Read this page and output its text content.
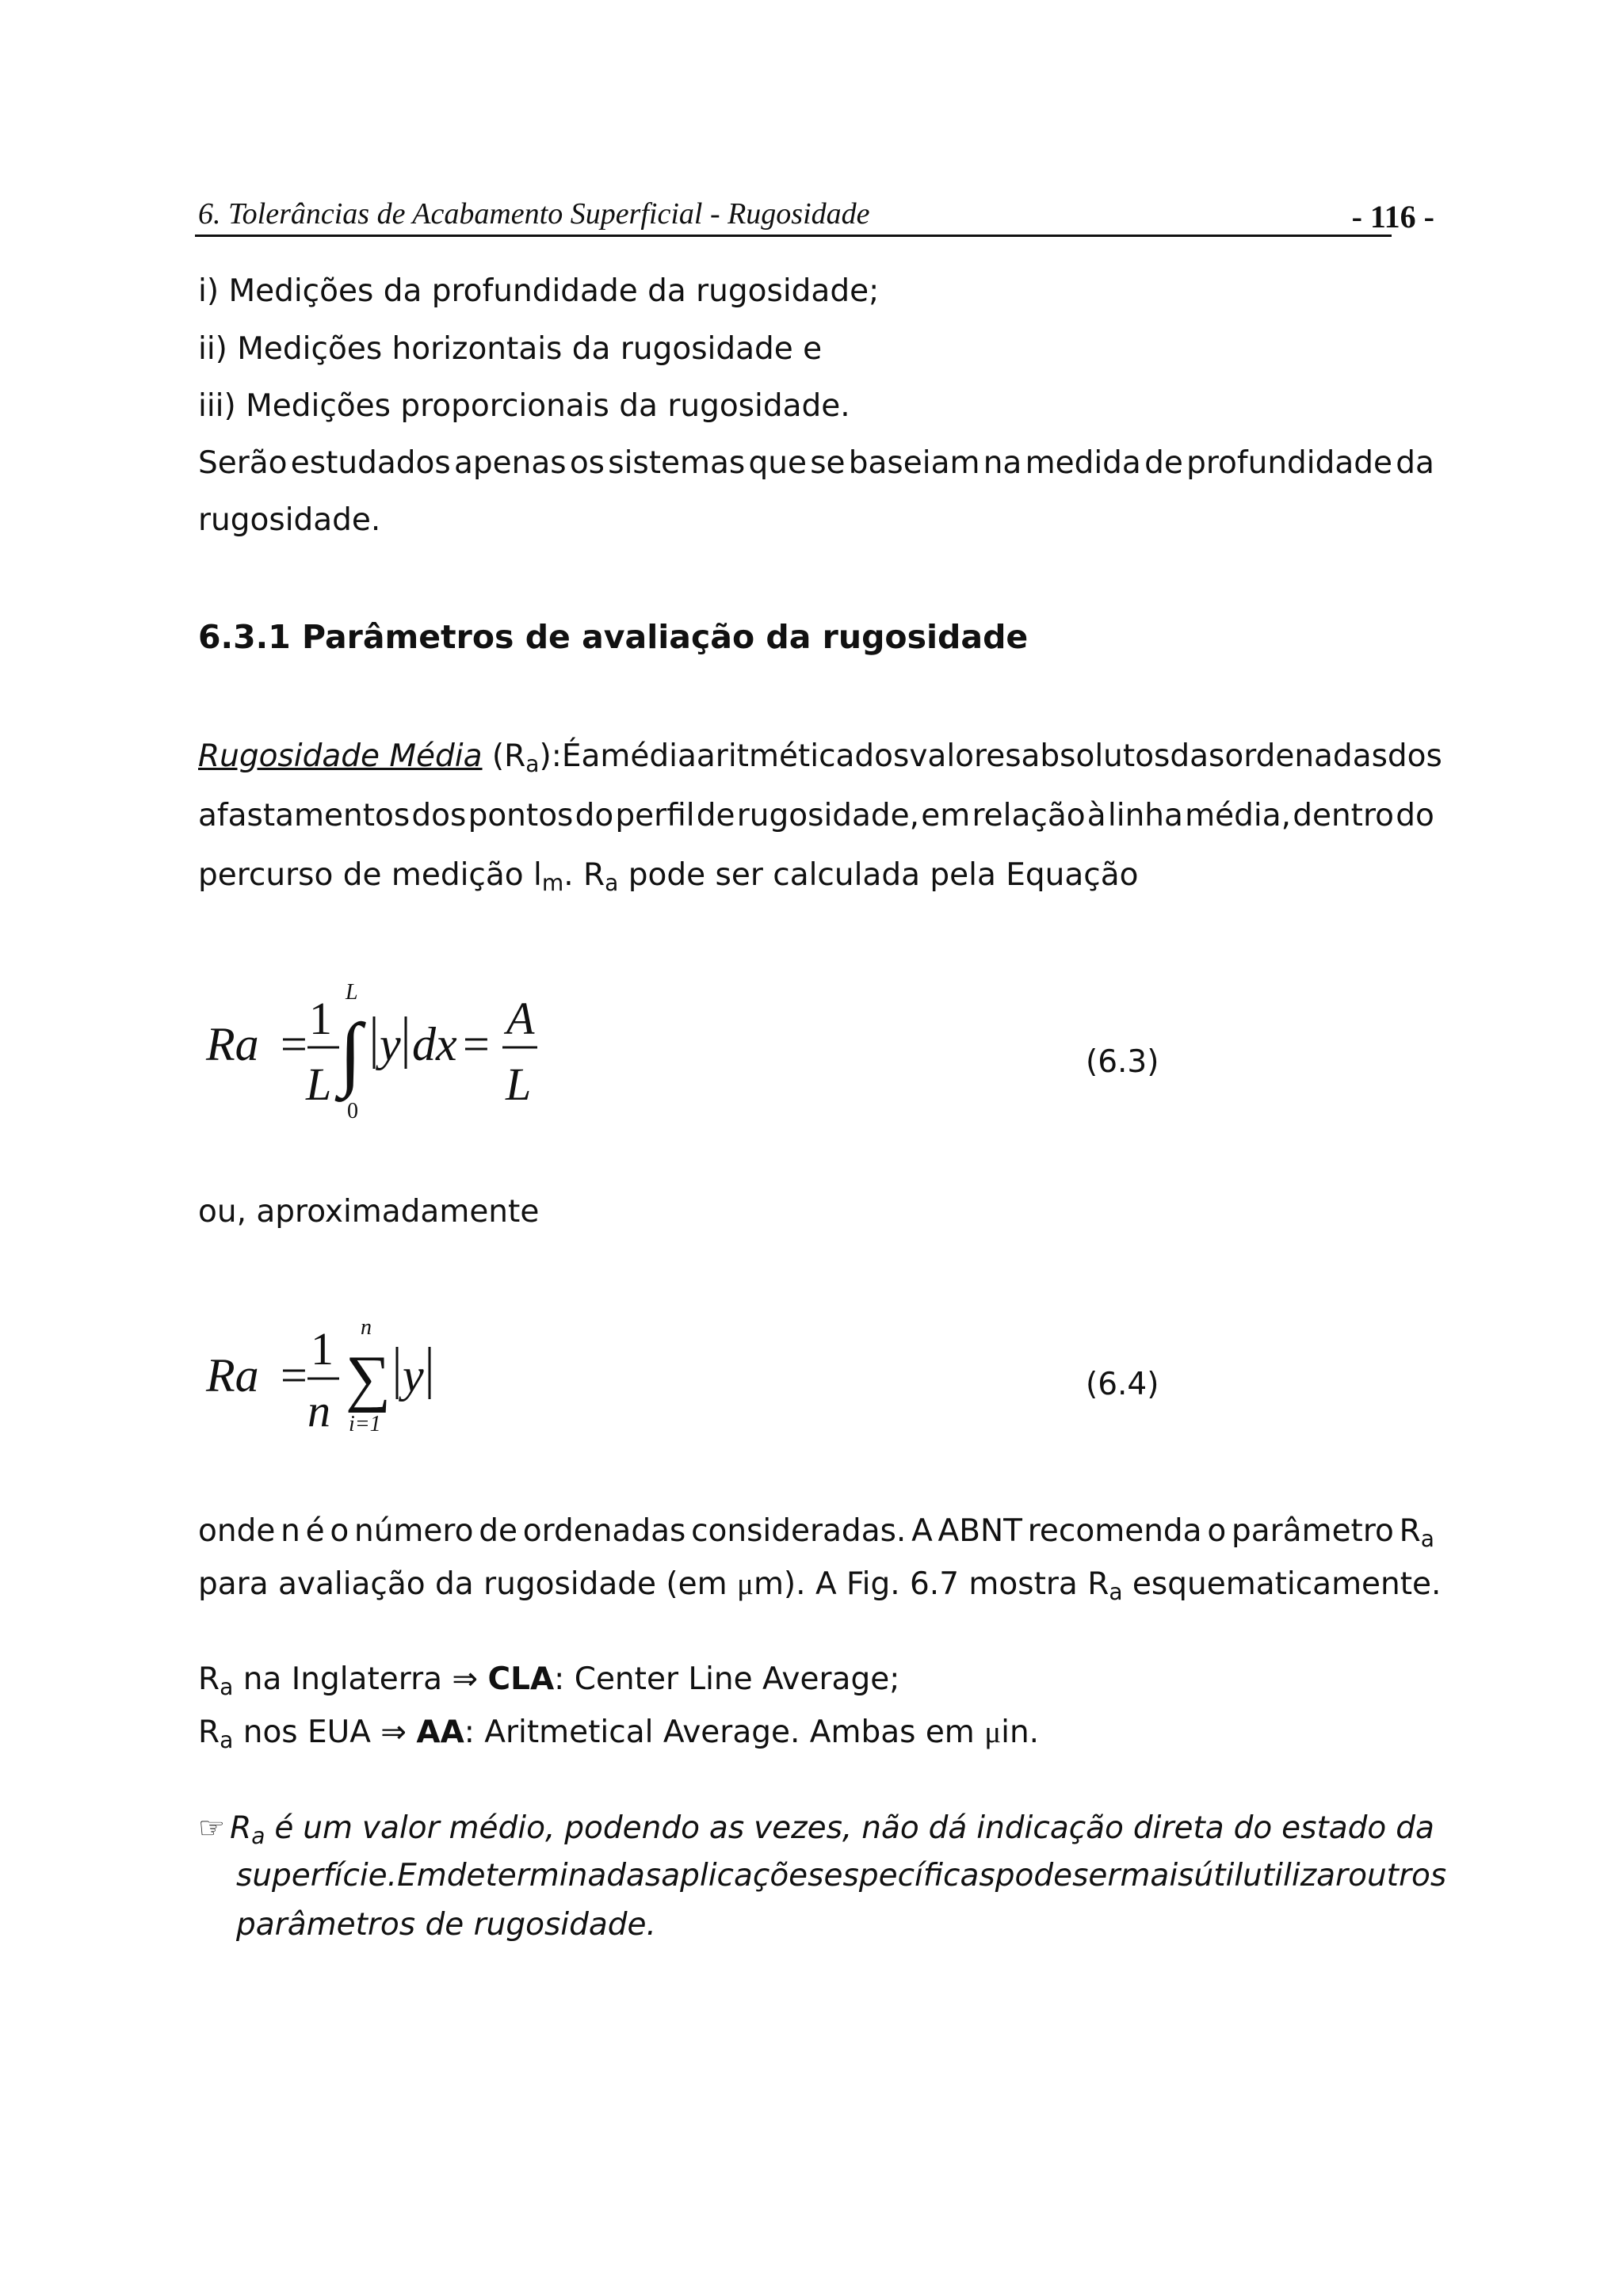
6. Tolerâncias de Acabamento Superficial - Rugosidade	- 116 -
i) Medições da profundidade da rugosidade;
ii) Medições horizontais da rugosidade e
iii) Medições proporcionais da rugosidade.
Serão estudados apenas os sistemas que se baseiam na medida de profundidade da
rugosidade.
6.3.1 Parâmetros de avaliação da rugosidade
Rugosidade Média (Ra): É a média aritmética dos valores absolutos das ordenadas dos
afastamentos dos pontos do perfil de rugosidade, em relação à linha média, dentro do
percurso de medição $l_m$. $R_a$ pode ser calculada pela Equação
Ra = 1
L
L
∫
0
y dx = A
L	(6.3)
ou, aproximadamente
Ra =
1
n
n
∑
i=1
y	(6.4)
onde n é o número de ordenadas consideradas. A ABNT recomenda o parâmetro Ra
para avaliação da rugosidade (em μm). A Fig. 6.7 mostra $R_a$ esquematicamente.
$R_a$ na Inglaterra ⇒ CLA: Center Line Average;
$R_a$ nos EUA ⇒ AA: Aritmetical Average. Ambas em μin.
☞ $R_a$ é um valor médio, podendo as vezes, não dá indicação direta do estado da
superfície. Em determinadas aplicações específicas pode ser mais útil utilizar outros
parâmetros de rugosidade.
